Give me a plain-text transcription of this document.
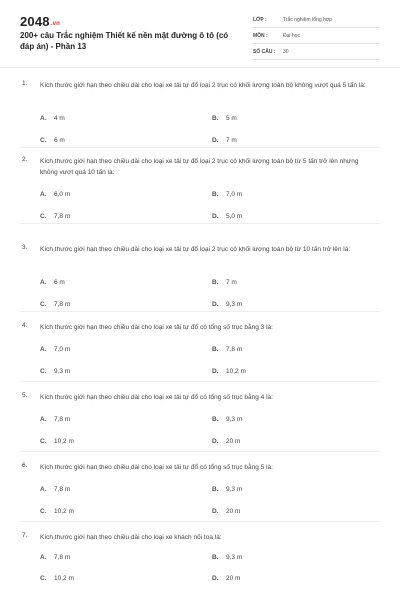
2048.vn
200+ câu Trắc nghiệm Thiết kế nền mặt đường ô tô (có đáp án) - Phần 13
LỚP :	Trắc nghiệm tổng hợp
MÔN :	Đại học
SỐ CÂU :	30
1. Kích thước giới hạn theo chiều dài cho loại xe tải tự đổ loại 2 trục có khối lượng toàn bộ không vượt quá 5 tấn là:
A. 4 m	B. 5 m
C. 6 m	D. 7 m
2. Kích thước giới hạn theo chiều dài cho loại xe tải tự đổ loại 2 trục có khối lượng toàn bộ từ 5 tấn trở lên nhưng không vượt quá 10 tấn là:
A. 6,0 m	B. 7,0 m
C. 7,8 m	D. 5,0 m
3. Kích thước giới hạn theo chiều dài cho loại xe tải tự đổ loại 2 trục có khối lượng toàn bộ từ 10 tấn trở lên là:
A. 6 m	B. 7 m
C. 7,8 m	D. 9,3 m
4. Kích thước giới hạn theo chiều dài cho loại xe tải tự đổ có tổng số trục bằng 3 là:
A. 7,0 m	B. 7,8 m
C. 9,3 m	D. 10,2 m
5. Kích thước giới hạn theo chiều dài cho loại xe tải tự đổ có tổng số trục bằng 4 là:
A. 7,8 m	B. 9,3 m
C. 10,2 m	D. 20 m
6. Kích thước giới hạn theo chiều dài cho loại xe tải tự đổ có tổng số trục bằng 5 là:
A. 7,8 m	B. 9,3 m
C. 10,2 m	D. 20 m
7. Kích thước giới hạn theo chiều dài cho loại xe khách nối toa là:
A. 7,8 m	B. 9,3 m
C. 10,2 m	D. 20 m
